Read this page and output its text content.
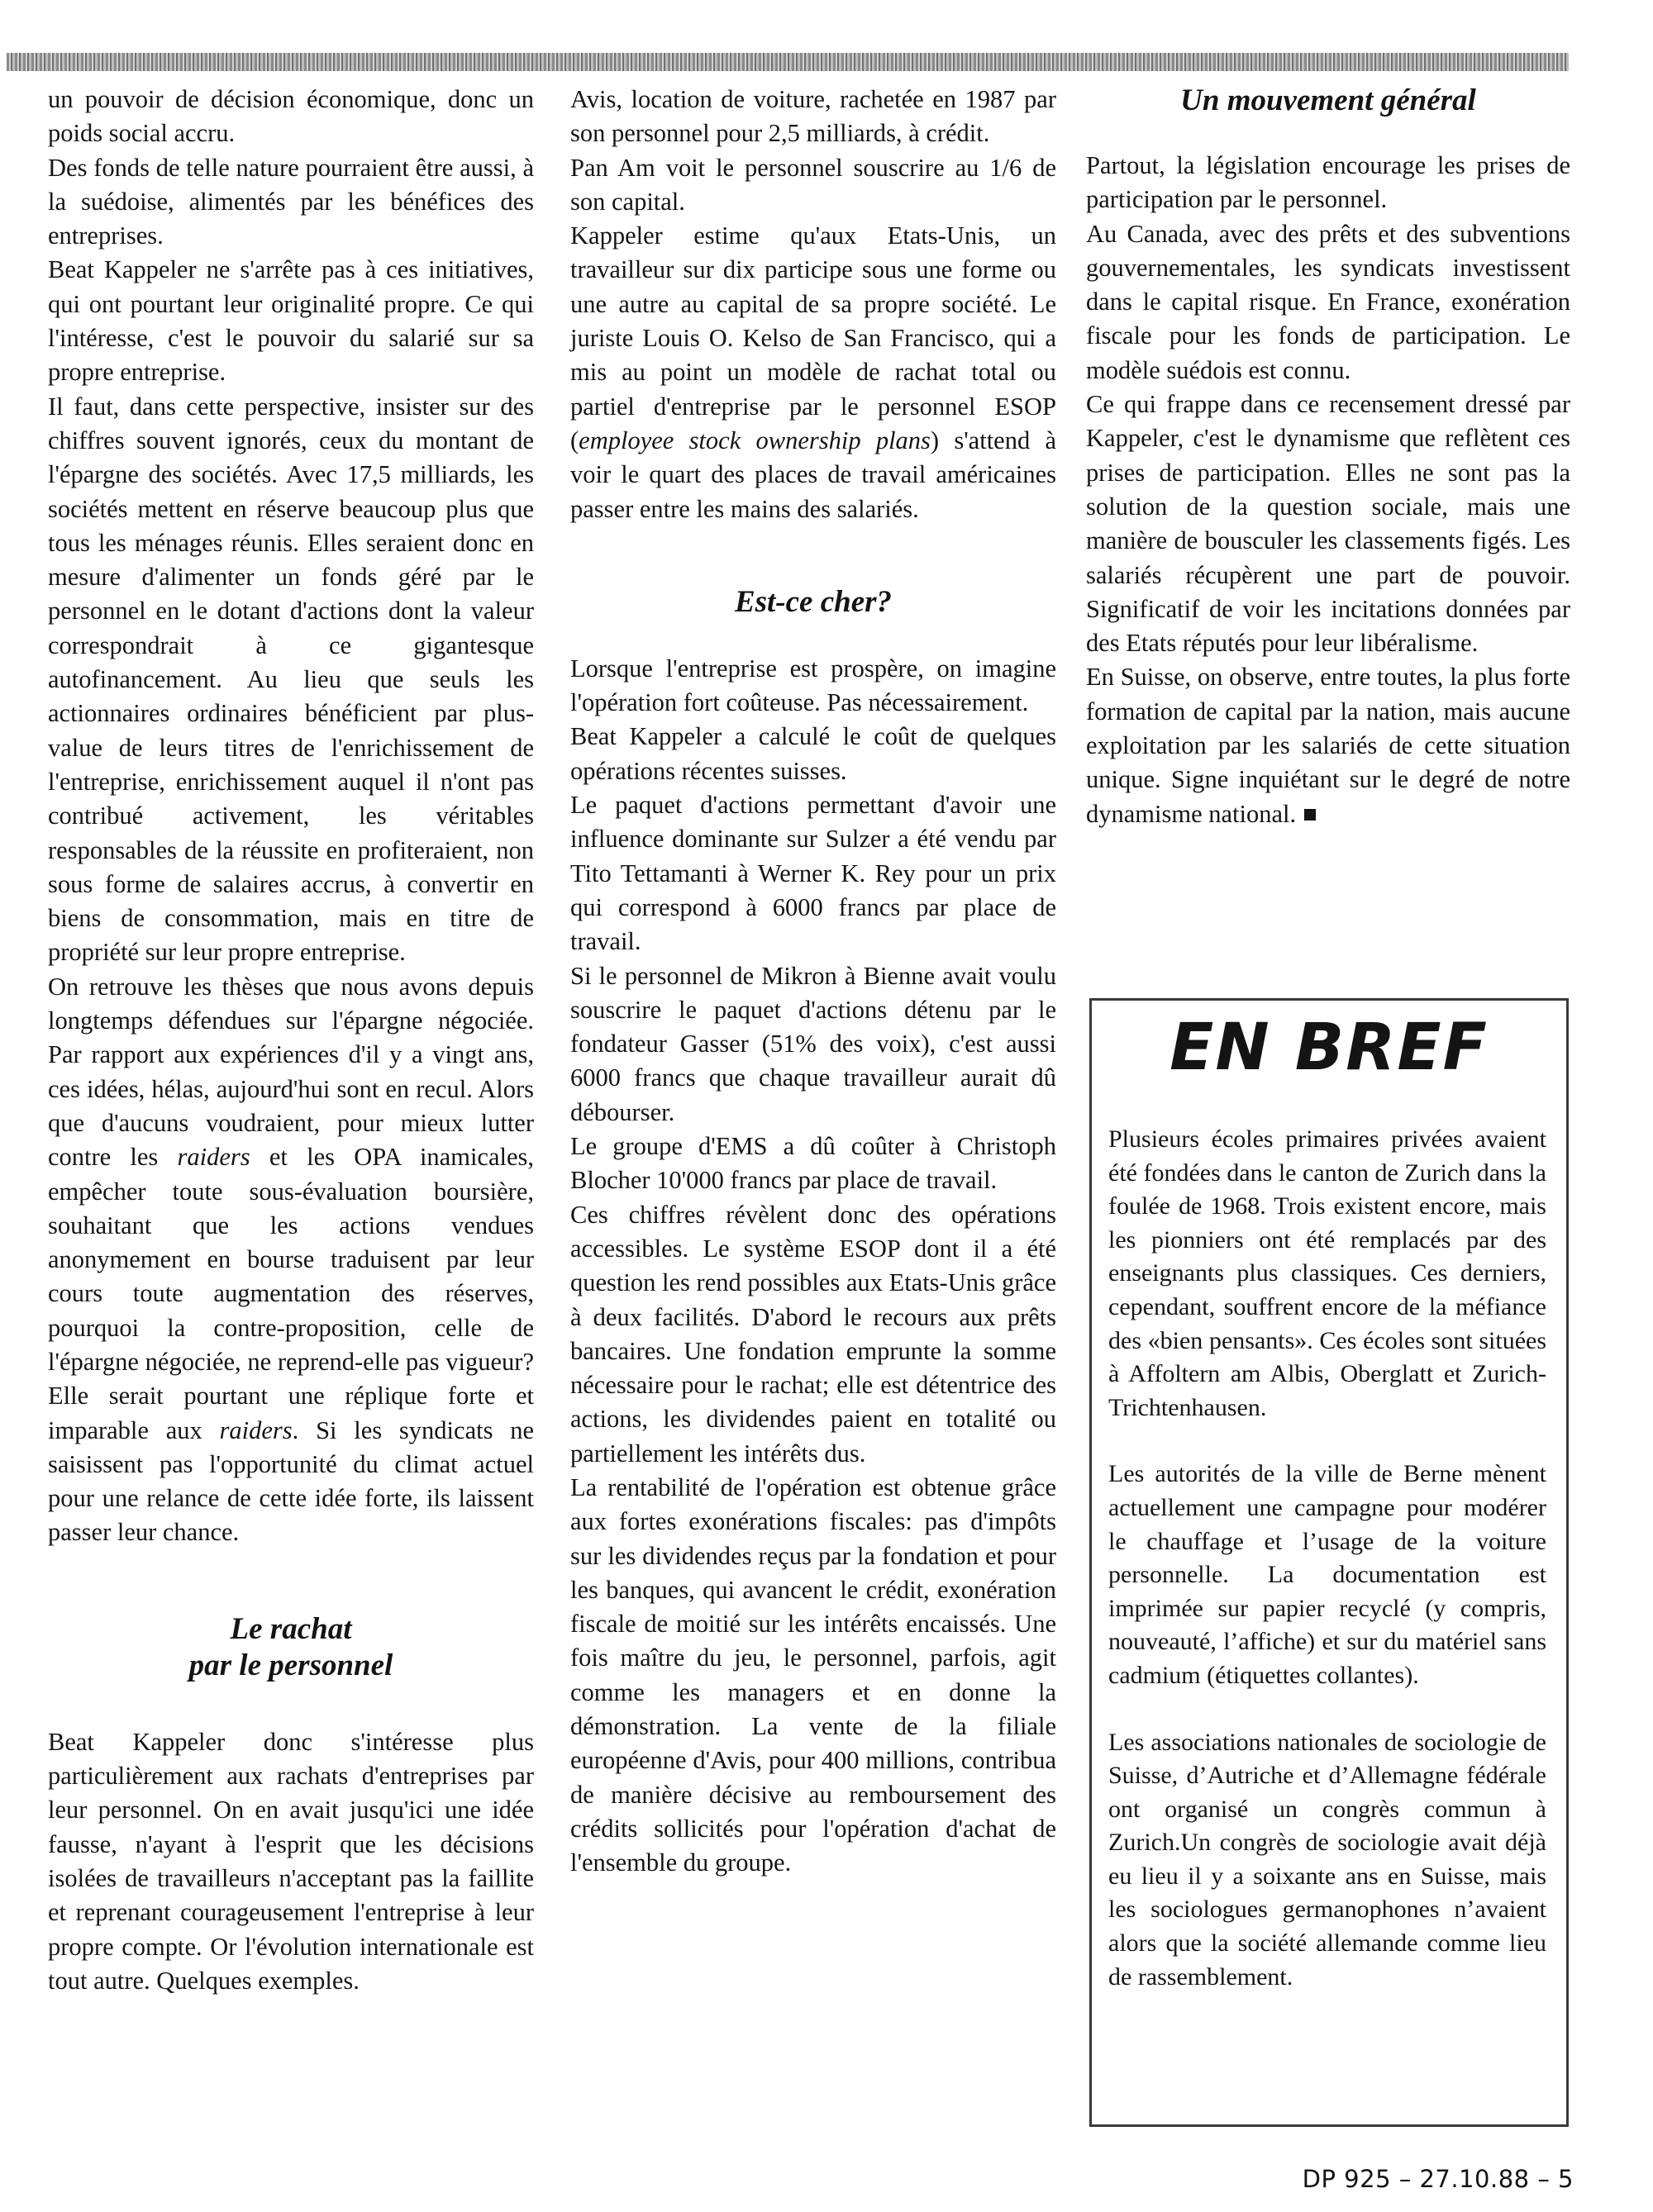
un pouvoir de décision économique, donc un poids social accru.

Des fonds de telle nature pourraient être aussi, à la suédoise, alimentés par les bénéfices des entreprises.

Beat Kappeler ne s'arrête pas à ces initiatives, qui ont pourtant leur originalité propre. Ce qui l'intéresse, c'est le pouvoir du salarié sur sa propre entreprise.

Il faut, dans cette perspective, insister sur des chiffres souvent ignorés, ceux du montant de l'épargne des sociétés. Avec 17,5 milliards, les sociétés mettent en réserve beaucoup plus que tous les ménages réunis. Elles seraient donc en mesure d'alimenter un fonds géré par le personnel en le dotant d'actions dont la valeur correspondrait à ce gigantesque autofinancement. Au lieu que seuls les actionnaires ordinaires bénéficient par plus-value de leurs titres de l'enrichissement de l'entreprise, enrichissement auquel il n'ont pas contribué activement, les véritables responsables de la réussite en profiteraient, non sous forme de salaires accrus, à convertir en biens de consommation, mais en titre de propriété sur leur propre entreprise.

On retrouve les thèses que nous avons depuis longtemps défendues sur l'épargne négociée. Par rapport aux expériences d'il y a vingt ans, ces idées, hélas, aujourd'hui sont en recul. Alors que d'aucuns voudraient, pour mieux lutter contre les raiders et les OPA inamicales, empêcher toute sous-évaluation boursière, souhaitant que les actions vendues anonymement en bourse traduisent par leur cours toute augmentation des réserves, pourquoi la contre-proposition, celle de l'épargne négociée, ne reprend-elle pas vigueur? Elle serait pourtant une réplique forte et imparable aux raiders. Si les syndicats ne saisissent pas l'opportunité du climat actuel pour une relance de cette idée forte, ils laissent passer leur chance.

Le rachat
par le personnel

Beat Kappeler donc s'intéresse plus particulièrement aux rachats d'entreprises par leur personnel. On en avait jusqu'ici une idée fausse, n'ayant à l'esprit que les décisions isolées de travailleurs n'acceptant pas la faillite et reprenant courageusement l'entreprise à leur propre compte. Or l'évolution internationale est tout autre. Quelques exemples.

Avis, location de voiture, rachetée en 1987 par son personnel pour 2,5 milliards, à crédit.

Pan Am voit le personnel souscrire au 1/6 de son capital.

Kappeler estime qu'aux Etats-Unis, un travailleur sur dix participe sous une forme ou une autre au capital de sa propre société. Le juriste Louis O. Kelso de San Francisco, qui a mis au point un modèle de rachat total ou partiel d'entreprise par le personnel ESOP (employee stock ownership plans) s'attend à voir le quart des places de travail américaines passer entre les mains des salariés.

Est-ce cher?

Lorsque l'entreprise est prospère, on imagine l'opération fort coûteuse. Pas nécessairement.

Beat Kappeler a calculé le coût de quelques opérations récentes suisses.

Le paquet d'actions permettant d'avoir une influence dominante sur Sulzer a été vendu par Tito Tettamanti à Werner K. Rey pour un prix qui correspond à 6000 francs par place de travail.

Si le personnel de Mikron à Bienne avait voulu souscrire le paquet d'actions détenu par le fondateur Gasser (51% des voix), c'est aussi 6000 francs que chaque travailleur aurait dû débourser.

Le groupe d'EMS a dû coûter à Christoph Blocher 10'000 francs par place de travail.

Ces chiffres révèlent donc des opérations accessibles. Le système ESOP dont il a été question les rend possibles aux Etats-Unis grâce à deux facilités. D'abord le recours aux prêts bancaires. Une fondation emprunte la somme nécessaire pour le rachat; elle est détentrice des actions, les dividendes paient en totalité ou partiellement les intérêts dus.

La rentabilité de l'opération est obtenue grâce aux fortes exonérations fiscales: pas d'impôts sur les dividendes reçus par la fondation et pour les banques, qui avancent le crédit, exonération fiscale de moitié sur les intérêts encaissés. Une fois maître du jeu, le personnel, parfois, agit comme les managers et en donne la démonstration. La vente de la filiale européenne d'Avis, pour 400 millions, contribua de manière décisive au remboursement des crédits sollicités pour l'opération d'achat de l'ensemble du groupe.

Un mouvement général

Partout, la législation encourage les prises de participation par le personnel.

Au Canada, avec des prêts et des subventions gouvernementales, les syndicats investissent dans le capital risque. En France, exonération fiscale pour les fonds de participation. Le modèle suédois est connu.

Ce qui frappe dans ce recensement dressé par Kappeler, c'est le dynamisme que reflètent ces prises de participation. Elles ne sont pas la solution de la question sociale, mais une manière de bousculer les classements figés. Les salariés récupèrent une part de pouvoir. Significatif de voir les incitations données par des Etats réputés pour leur libéralisme.

En Suisse, on observe, entre toutes, la plus forte formation de capital par la nation, mais aucune exploitation par les salariés de cette situation unique. Signe inquiétant sur le degré de notre dynamisme national.

EN BREF

Plusieurs écoles primaires privées avaient été fondées dans le canton de Zurich dans la foulée de 1968. Trois existent encore, mais les pionniers ont été remplacés par des enseignants plus classiques. Ces derniers, cependant, souffrent encore de la méfiance des «bien pensants». Ces écoles sont situées à Affoltern am Albis, Oberglatt et Zurich-Trichtenhausen.

Les autorités de la ville de Berne mènent actuellement une campagne pour modérer le chauffage et l’usage de la voiture personnelle. La documentation est imprimée sur papier recyclé (y compris, nouveauté, l’affiche) et sur du matériel sans cadmium (étiquettes collantes).

Les associations nationales de sociologie de Suisse, d’Autriche et d’Allemagne fédérale ont organisé un congrès commun à Zurich.Un congrès de sociologie avait déjà eu lieu il y a soixante ans en Suisse, mais les sociologues germanophones n’avaient alors que la société allemande comme lieu de rassemblement.

DP 925 – 27.10.88 – 5
